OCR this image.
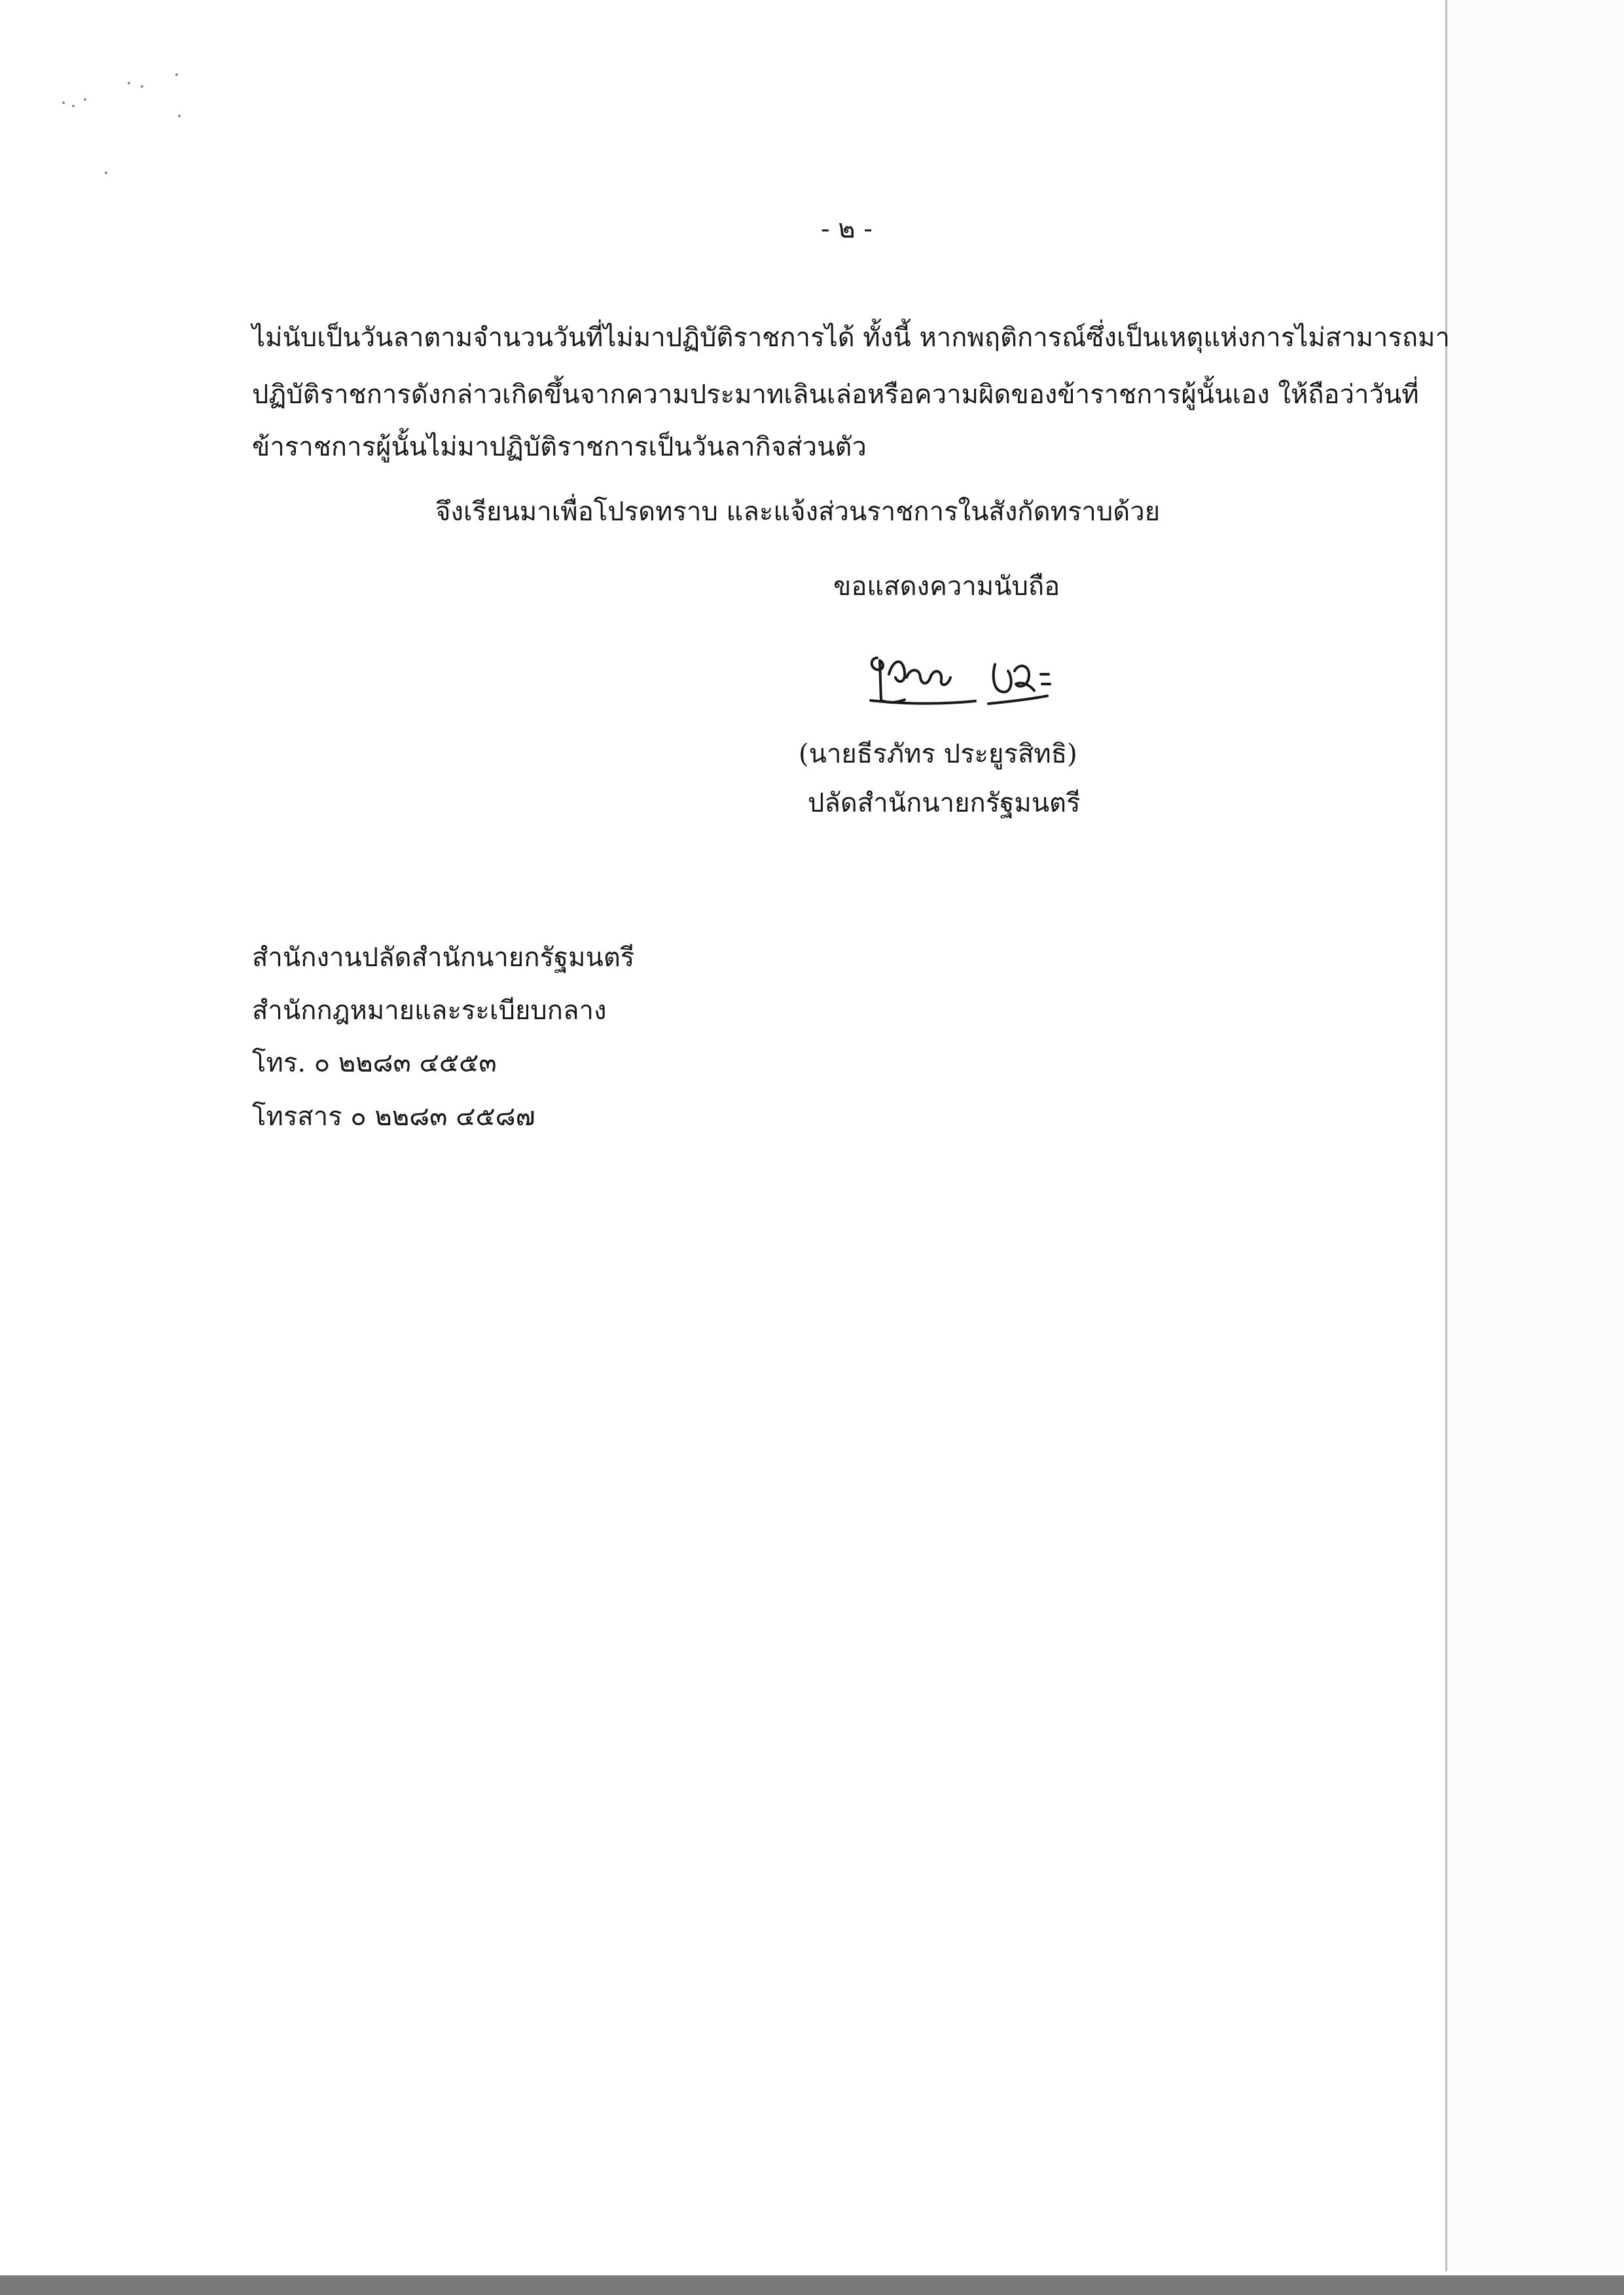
- ๒ -
ไม่นับเป็นวันลาตามจำนวนวันที่ไม่มาปฏิบัติราชการได้ ทั้งนี้ หากพฤติการณ์ซึ่งเป็นเหตุแห่งการไม่สามารถมา
ปฏิบัติราชการดังกล่าวเกิดขึ้นจากความประมาทเลินเล่อหรือความผิดของข้าราชการผู้นั้นเอง ให้ถือว่าวันที่
ข้าราชการผู้นั้นไม่มาปฏิบัติราชการเป็นวันลากิจส่วนตัว
จึงเรียนมาเพื่อโปรดทราบ และแจ้งส่วนราชการในสังกัดทราบด้วย
ขอแสดงความนับถือ
(นายธีรภัทร ประยูรสิทธิ)
ปลัดสำนักนายกรัฐมนตรี
สำนักงานปลัดสำนักนายกรัฐมนตรี
สำนักกฎหมายและระเบียบกลาง
โทร. ๐ ๒๒๘๓ ๔๕๕๓
โทรสาร ๐ ๒๒๘๓ ๔๕๘๗
